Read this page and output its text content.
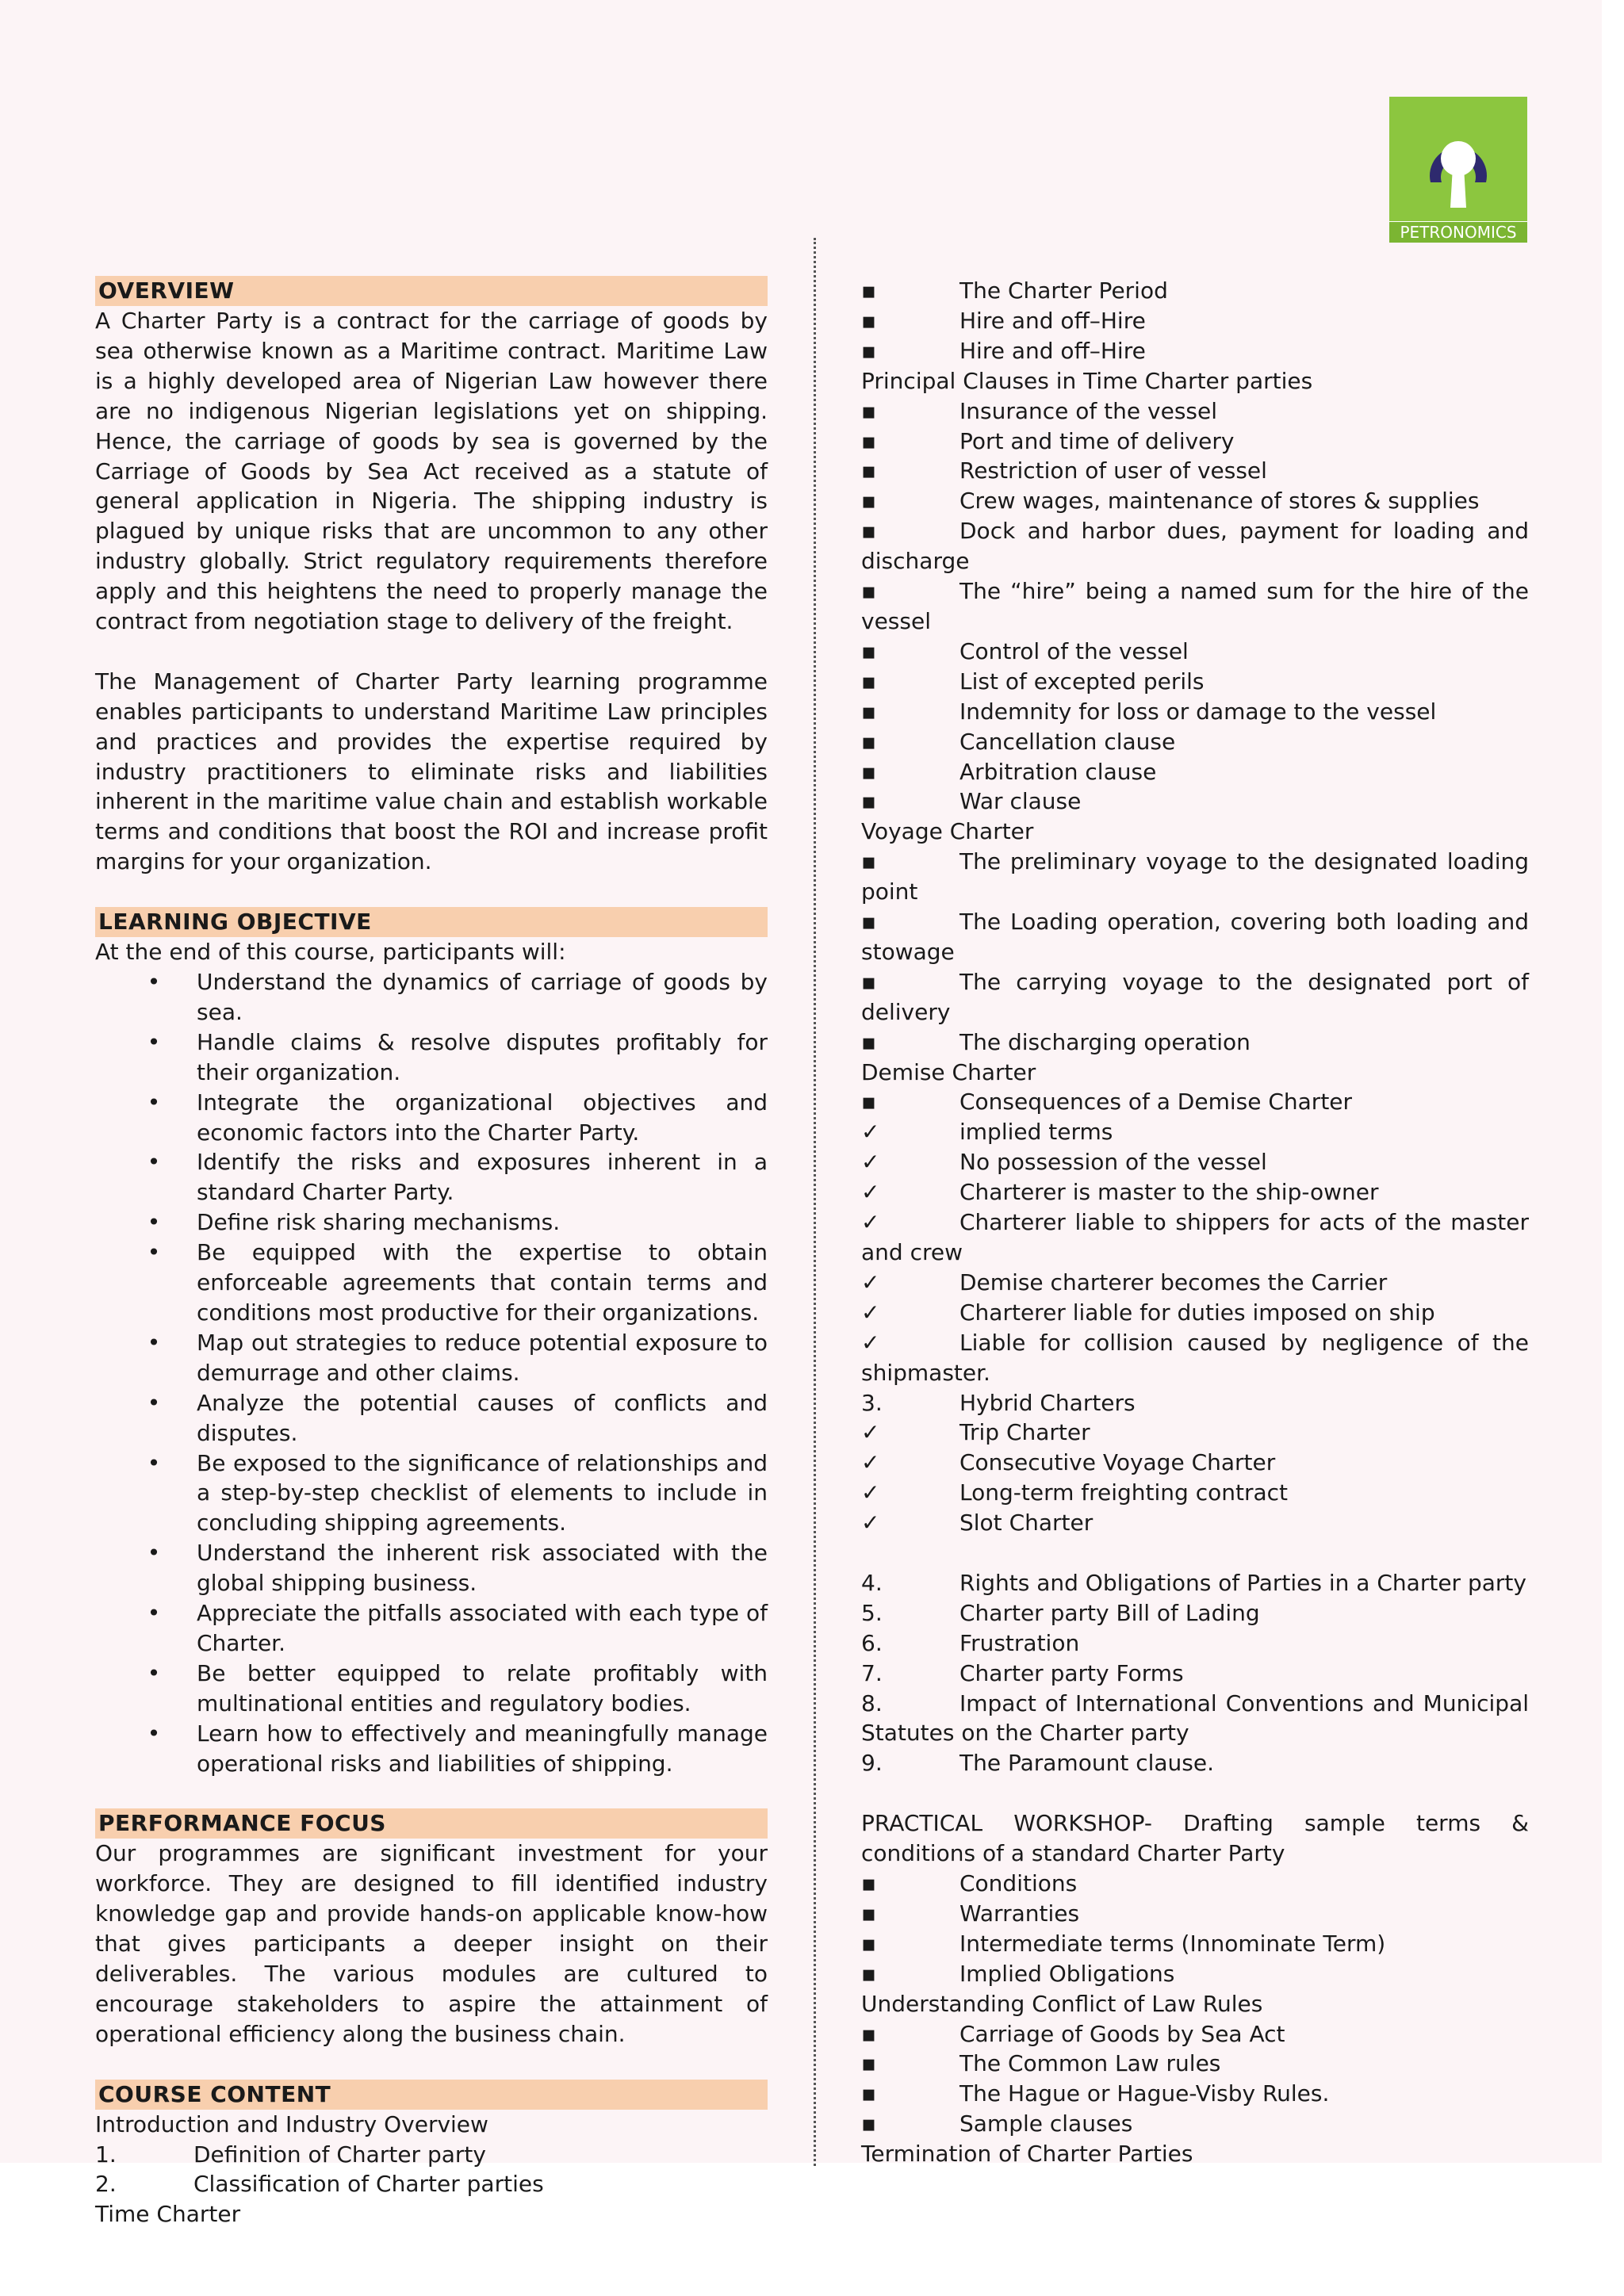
PETRONOMICS
OVERVIEW
A Charter Party is a contract for the carriage of goods by sea otherwise known as a Maritime contract. Maritime Law is a highly developed area of Nigerian Law however there are no indigenous Nigerian legislations yet on shipping. Hence, the carriage of goods by sea is governed by the Carriage of Goods by Sea Act received as a statute of general application in Nigeria. The shipping industry is plagued by unique risks that are uncommon to any other industry globally. Strict regulatory requirements therefore apply and this heightens the need to properly manage the contract from negotiation stage to delivery of the freight.
The Management of Charter Party learning programme enables participants to understand Maritime Law principles and practices and provides the expertise required by industry practitioners to eliminate risks and liabilities inherent in the maritime value chain and establish workable terms and conditions that boost the ROI and increase profit margins for your organization.
LEARNING OBJECTIVE
At the end of this course, participants will:
•	Understand the dynamics of carriage of goods by sea.
•	Handle claims & resolve disputes profitably for their organization.
•	Integrate the organizational objectives and economic factors into the Charter Party.
•	Identify the risks and exposures inherent in a standard Charter Party.
•	Define risk sharing mechanisms.
•	Be equipped with the expertise to obtain enforceable agreements that contain terms and conditions most productive for their organizations.
•	Map out strategies to reduce potential exposure to demurrage and other claims.
•	Analyze the potential causes of conflicts and disputes.
•	Be exposed to the significance of relationships and a step-by-step checklist of elements to include in concluding shipping agreements.
•	Understand the inherent risk associated with the global shipping business.
•	Appreciate the pitfalls associated with each type of Charter.
•	Be better equipped to relate profitably with multinational entities and regulatory bodies.
•	Learn how to effectively and meaningfully manage operational risks and liabilities of shipping.
PERFORMANCE FOCUS
Our programmes are significant investment for your workforce. They are designed to fill identified industry knowledge gap and provide hands-on applicable know-how that gives participants a deeper insight on their deliverables. The various modules are cultured to encourage stakeholders to aspire the attainment of operational efficiency along the business chain.
COURSE CONTENT
Introduction and Industry Overview
1.	Definition of Charter party
2.	Classification of Charter parties
Time Charter
▪	The Charter Period
▪	Hire and off–Hire
▪	Hire and off–Hire
Principal Clauses in Time Charter parties
▪	Insurance of the vessel
▪	Port and time of delivery
▪	Restriction of user of vessel
▪	Crew wages, maintenance of stores & supplies
▪	Dock and harbor dues, payment for loading and discharge
▪	The “hire” being a named sum for the hire of the vessel
▪	Control of the vessel
▪	List of excepted perils
▪	Indemnity for loss or damage to the vessel
▪	Cancellation clause
▪	Arbitration clause
▪	War clause
Voyage Charter
▪	The preliminary voyage to the designated loading point
▪	The Loading operation, covering both loading and stowage
▪	The carrying voyage to the designated port of delivery
▪	The discharging operation
Demise Charter
▪	Consequences of a Demise Charter
✓	implied terms
✓	No possession of the vessel
✓	Charterer is master to the ship-owner
✓	Charterer liable to shippers for acts of the master and crew
✓	Demise charterer becomes the Carrier
✓	Charterer liable for duties imposed on ship
✓	Liable for collision caused by negligence of the shipmaster.
3.	Hybrid Charters
✓	Trip Charter
✓	Consecutive Voyage Charter
✓	Long-term freighting contract
✓	Slot Charter
4.	Rights and Obligations of Parties in a Charter party
5.	Charter party Bill of Lading
6.	Frustration
7.	Charter party Forms
8.	Impact of International Conventions and Municipal Statutes on the Charter party
9.	The Paramount clause.
PRACTICAL WORKSHOP- Drafting sample terms & conditions of a standard Charter Party
▪	Conditions
▪	Warranties
▪	Intermediate terms (Innominate Term)
▪	Implied Obligations
Understanding Conflict of Law Rules
▪	Carriage of Goods by Sea Act
▪	The Common Law rules
▪	The Hague or Hague-Visby Rules.
▪	Sample clauses
Termination of Charter Parties
